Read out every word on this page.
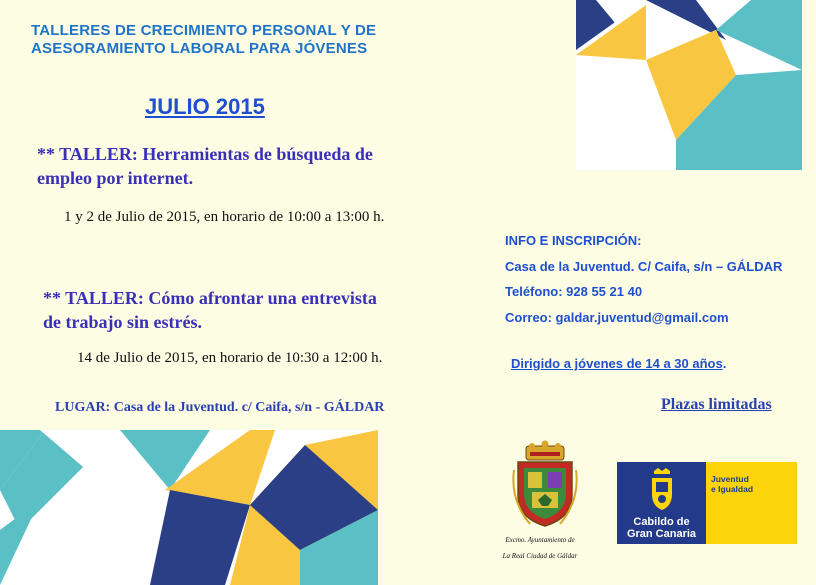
TALLERES DE CRECIMIENTO PERSONAL Y DE
ASESORAMIENTO LABORAL PARA JÓVENES
JULIO 2015
** TALLER: Herramientas de búsqueda de
empleo por internet.
1 y 2 de Julio de 2015, en horario de 10:00 a 13:00 h.
** TALLER: Cómo afrontar una entrevista
de trabajo sin estrés.
14 de Julio de 2015, en horario de 10:30 a 12:00 h.
LUGAR: Casa de la Juventud. c/ Caifa, s/n - GÁLDAR
INFO E INSCRIPCIÓN:
Casa de la Juventud. C/ Caifa, s/n – GÁLDAR
Teléfono: 928 55 21 40
Correo: galdar.juventud@gmail.com
Dirigido a jóvenes de 14 a 30 años.
Plazas limitadas
Excmo. Ayuntamiento de
La Real Ciudad de Gáldar
Cabildo de
Gran Canaria
Juventud
e Igualdad
